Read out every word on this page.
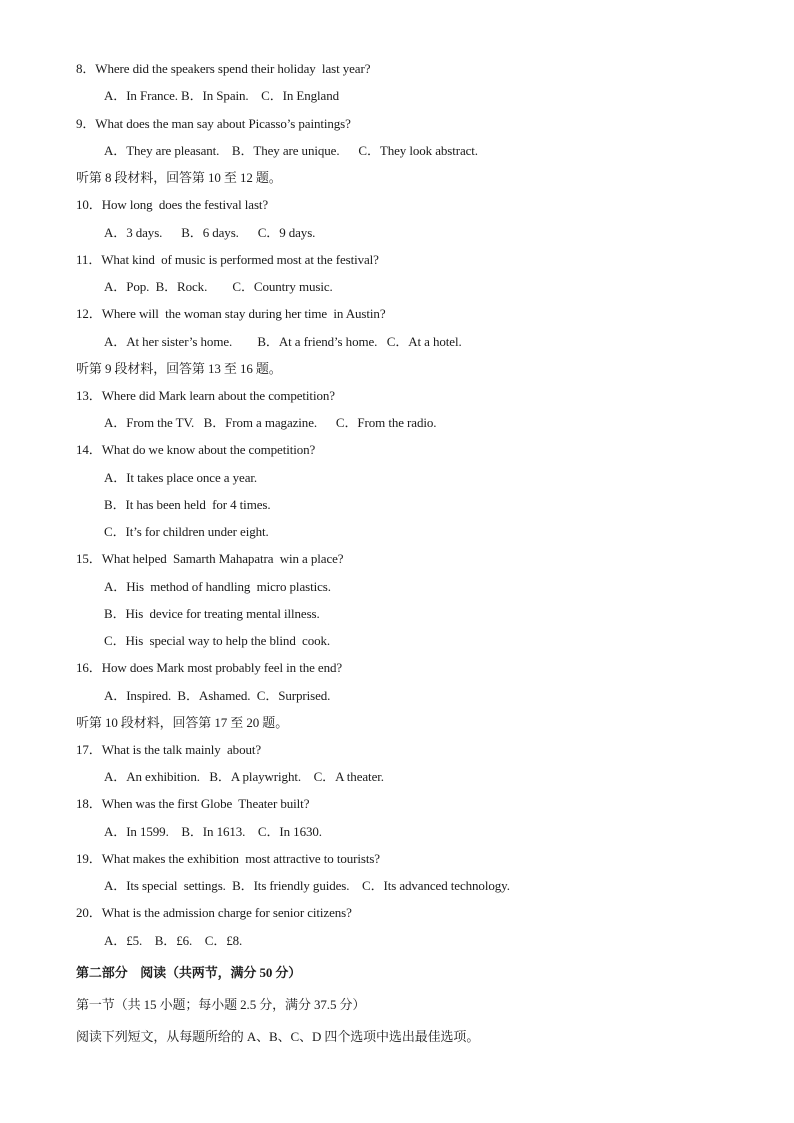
8．Where did the speakers spend their holiday  last year?
A．In France. B．In Spain.    C．In England
9．What does the man say about Picasso’s paintings?
A．They are pleasant.    B．They are unique.      C．They look abstract.
听第 8 段材料，回答第 10 至 12 题。
10．How long  does the festival last?
A．3 days.      B．6 days.      C．9 days.
11．What kind  of music is performed most at the festival?
A．Pop.  B．Rock.        C．Country music.
12．Where will  the woman stay during her time  in Austin?
A．At her sister’s home.        B．At a friend’s home.   C．At a hotel.
听第 9 段材料，回答第 13 至 16 题。
13．Where did Mark learn about the competition?
A．From the TV.   B．From a magazine.      C．From the radio.
14．What do we know about the competition?
A．It takes place once a year.
B．It has been held  for 4 times.
C．It’s for children under eight.
15．What helped  Samarth Mahapatra  win a place?
A．His  method of handling  micro plastics.
B．His  device for treating mental illness.
C．His  special way to help the blind  cook.
16．How does Mark most probably feel in the end?
A．Inspired.  B．Ashamed.  C．Surprised.
听第 10 段材料，回答第 17 至 20 题。
17．What is the talk mainly  about?
A．An exhibition.   B．A playwright.    C．A theater.
18．When was the first Globe  Theater built?
A．In 1599.    B．In 1613.    C．In 1630.
19．What makes the exhibition  most attractive to tourists?
A．Its special  settings.  B．Its friendly guides.    C．Its advanced technology.
20．What is the admission charge for senior citizens?
A．£5.    B．£6.    C．£8.
第二部分    阅读（共两节，满分 50 分）
第一节（共 15 小题；每小题 2.5 分，满分 37.5 分）
阅读下列短文，从每题所给的 A、B、C、D 四个选项中选出最佳选项。
